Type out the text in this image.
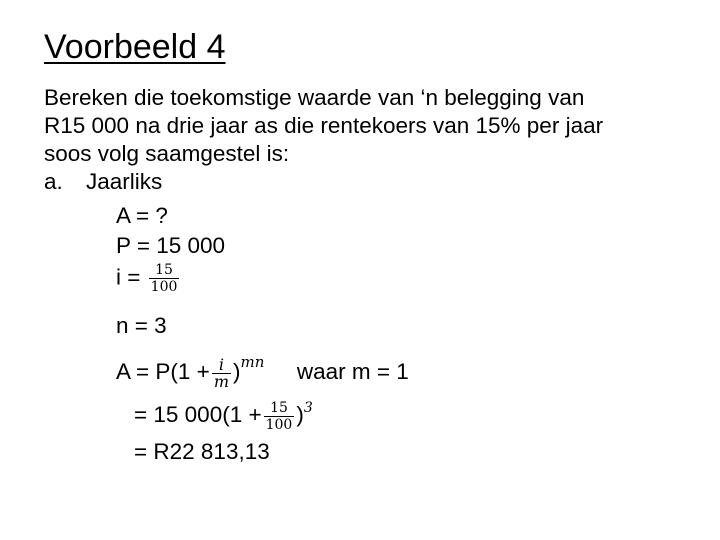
Voorbeeld 4

Bereken die toekomstige waarde van ‘n belegging van

R15 000 na drie jaar as die rentekoers van 15% per jaar

soos volg saamgestel is:

a. Jaarliks
A = ?
P = 15 000
$i = \frac{15}{100}$
n = 3
$A = P(1 + \frac{i}{m} )^{mn}$ waar m = 1
= 15 $000(1 + \frac{15}{100} )^3$
= R22 813,13
